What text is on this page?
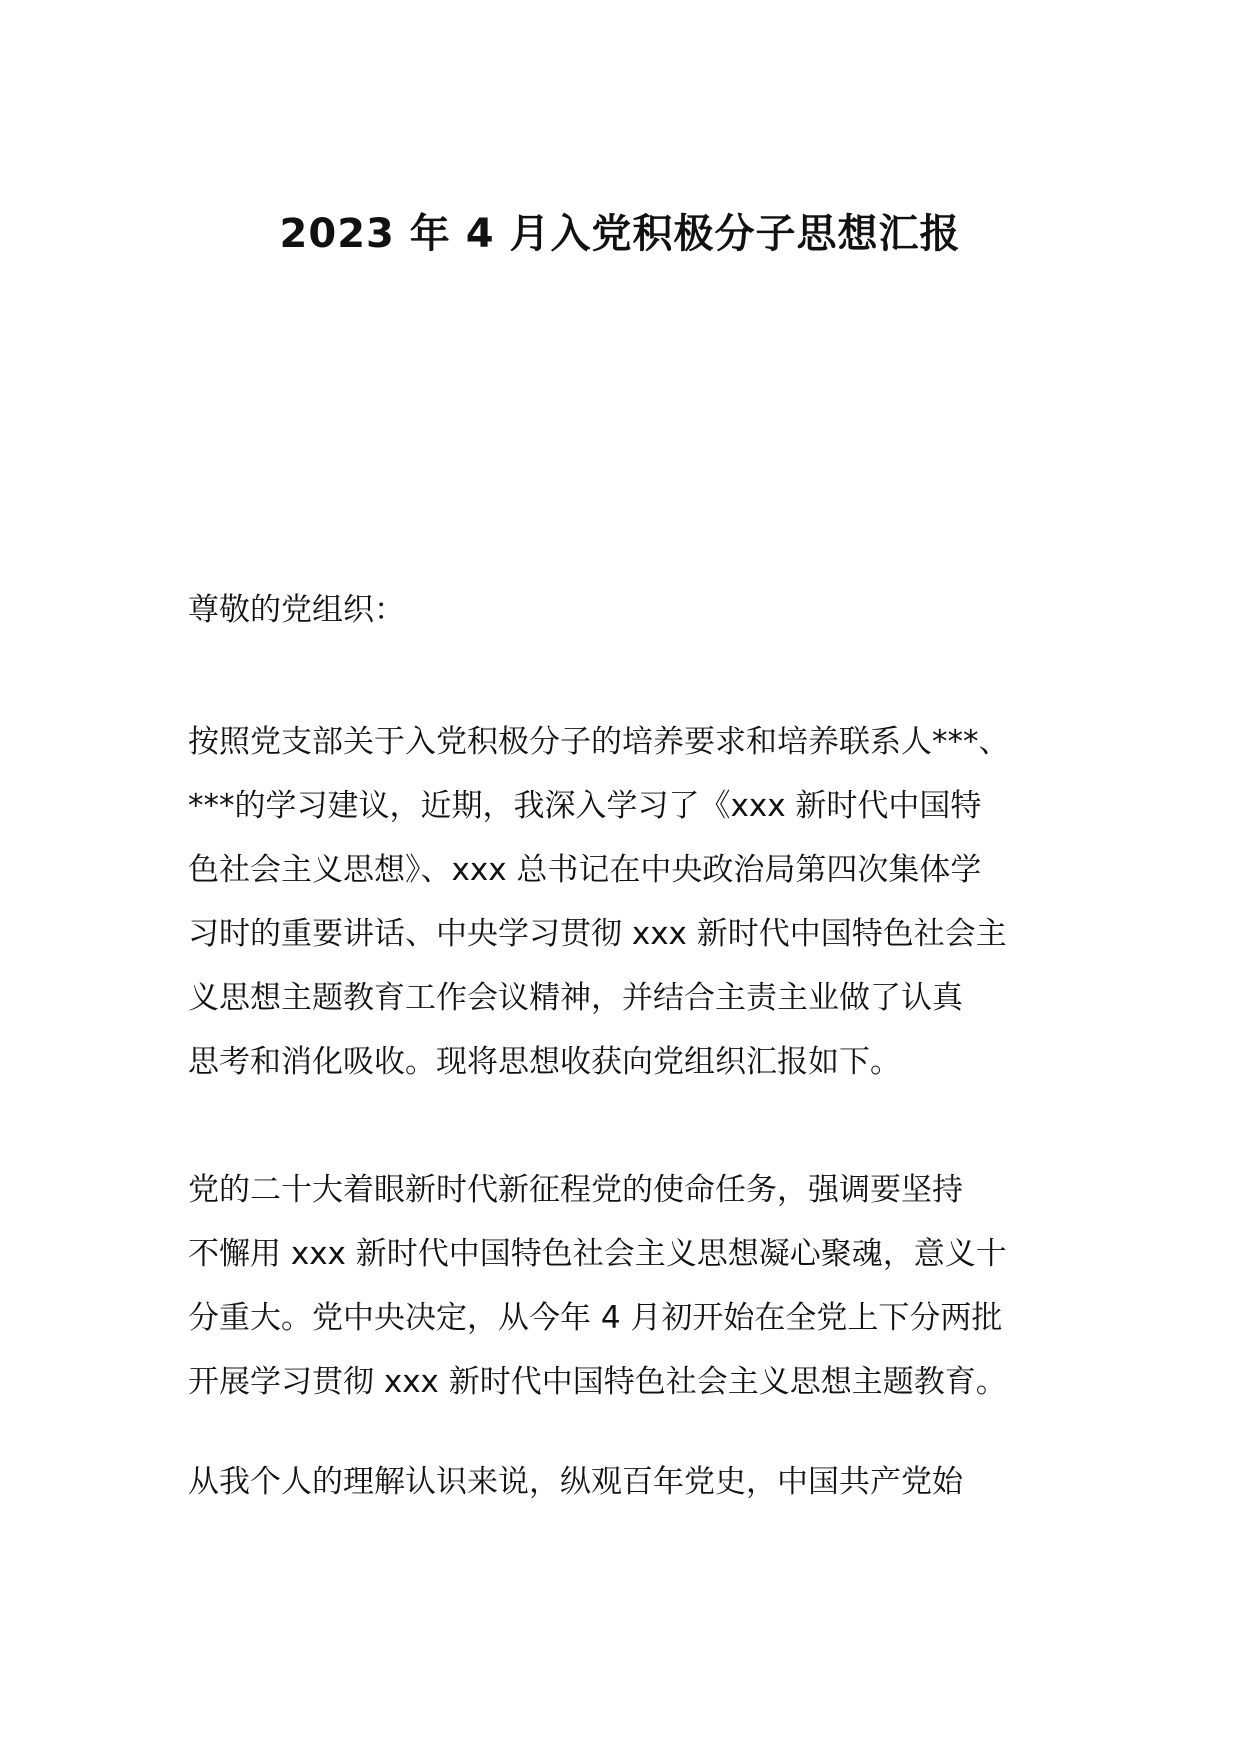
2023 年 4 月入党积极分子思想汇报
尊敬的党组织：
按照党支部关于入党积极分子的培养要求和培养联系人***、
***的学习建议，近期，我深入学习了《xxx 新时代中国特
色社会主义思想》、xxx 总书记在中央政治局第四次集体学
习时的重要讲话、中央学习贯彻 xxx 新时代中国特色社会主
义思想主题教育工作会议精神，并结合主责主业做了认真
思考和消化吸收。现将思想收获向党组织汇报如下。
党的二十大着眼新时代新征程党的使命任务，强调要坚持
不懈用 xxx 新时代中国特色社会主义思想凝心聚魂，意义十
分重大。党中央决定，从今年 4 月初开始在全党上下分两批
开展学习贯彻 xxx 新时代中国特色社会主义思想主题教育。
从我个人的理解认识来说，纵观百年党史，中国共产党始
